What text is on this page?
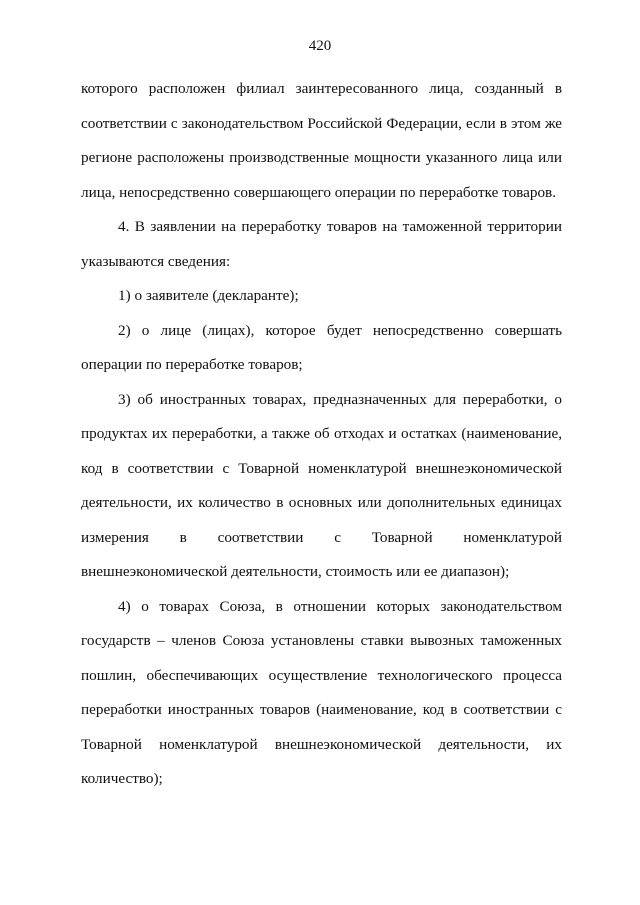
420

которого расположен филиал заинтересованного лица, созданный в соответствии с законодательством Российской Федерации, если в этом же регионе расположены производственные мощности указанного лица или лица, непосредственно совершающего операции по переработке товаров.

4. В заявлении на переработку товаров на таможенной территории указываются сведения:

1) о заявителе (декларанте);

2) о лице (лицах), которое будет непосредственно совершать операции по переработке товаров;

3) об иностранных товарах, предназначенных для переработки, о продуктах их переработки, а также об отходах и остатках (наименование, код в соответствии с Товарной номенклатурой внешнеэкономической деятельности, их количество в основных или дополнительных единицах

измерения в соответствии с Товарной номенклатурой

внешнеэкономической деятельности, стоимость или ее диапазон);

4) о товарах Союза, в отношении которых законодательством государств – членов Союза установлены ставки вывозных таможенных пошлин, обеспечивающих осуществление технологического процесса переработки иностранных товаров (наименование, код в соответствии с Товарной номенклатурой внешнеэкономической деятельности, их количество);
